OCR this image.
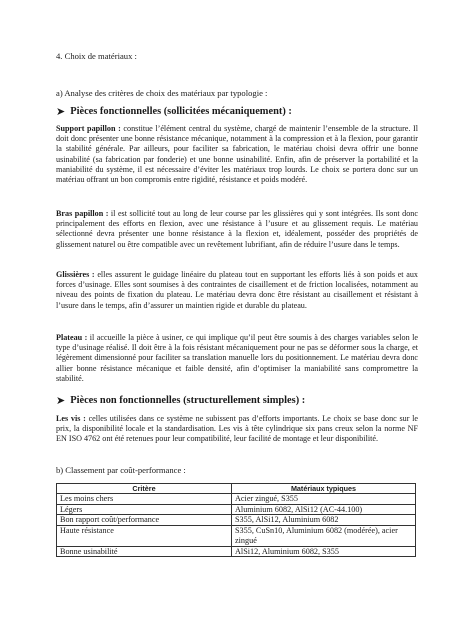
4. Choix de matériaux :
a) Analyse des critères de choix des matériaux par typologie :
➤ Pièces fonctionnelles (sollicitées mécaniquement) :

Support papillon : constitue l’élément central du système, chargé de maintenir l’ensemble de la structure. Il doit donc présenter une bonne résistance mécanique, notamment à la compression et à la flexion, pour garantir la stabilité générale. Par ailleurs, pour faciliter sa fabrication, le matériau choisi devra offrir une bonne usinabilité (sa fabrication par fonderie) et une bonne usinabilité. Enfin, afin de préserver la portabilité et la maniabilité du système, il est nécessaire d’éviter les matériaux trop lourds. Le choix se portera donc sur un matériau offrant un bon compromis entre rigidité, résistance et poids modéré.

Bras papillon : il est sollicité tout au long de leur course par les glissières qui y sont intégrées. Ils sont donc principalement des efforts en flexion, avec une résistance à l’usure et au glissement requis. Le matériau sélectionné devra présenter une bonne résistance à la flexion et, idéalement, posséder des propriétés de glissement naturel ou être compatible avec un revêtement lubrifiant, afin de réduire l’usure dans le temps.

Glissières : elles assurent le guidage linéaire du plateau tout en supportant les efforts liés à son poids et aux forces d’usinage. Elles sont soumises à des contraintes de cisaillement et de friction localisées, notamment au niveau des points de fixation du plateau. Le matériau devra donc être résistant au cisaillement et résistant à l’usure dans le temps, afin d’assurer un maintien rigide et durable du plateau.

Plateau : il accueille la pièce à usiner, ce qui implique qu’il peut être soumis à des charges variables selon le type d’usinage réalisé. Il doit être à la fois résistant mécaniquement pour ne pas se déformer sous la charge, et légèrement dimensionné pour faciliter sa translation manuelle lors du positionnement. Le matériau devra donc allier bonne résistance mécanique et faible densité, afin d’optimiser la maniabilité sans compromettre la stabilité.

➤ Pièces non fonctionnelles (structurellement simples) :

Les vis : celles utilisées dans ce système ne subissent pas d’efforts importants. Le choix se base donc sur le prix, la disponibilité locale et la standardisation. Les vis à tête cylindrique six pans creux selon la norme NF EN ISO 4762 ont été retenues pour leur compatibilité, leur facilité de montage et leur disponibilité.

b) Classement par coût-performance :
Critère	Matériaux typiques
Les moins chers	Acier zingué, S355
Légers	Aluminium 6082, AlSi12 (AC-44.100)
Bon rapport coût/performance	S355, AlSi12, Aluminium 6082
Haute résistance	S355, CuSn10, Aluminium 6082 (modérée), acier zingué
Bonne usinabilité	AlSi12, Aluminium 6082, S355
